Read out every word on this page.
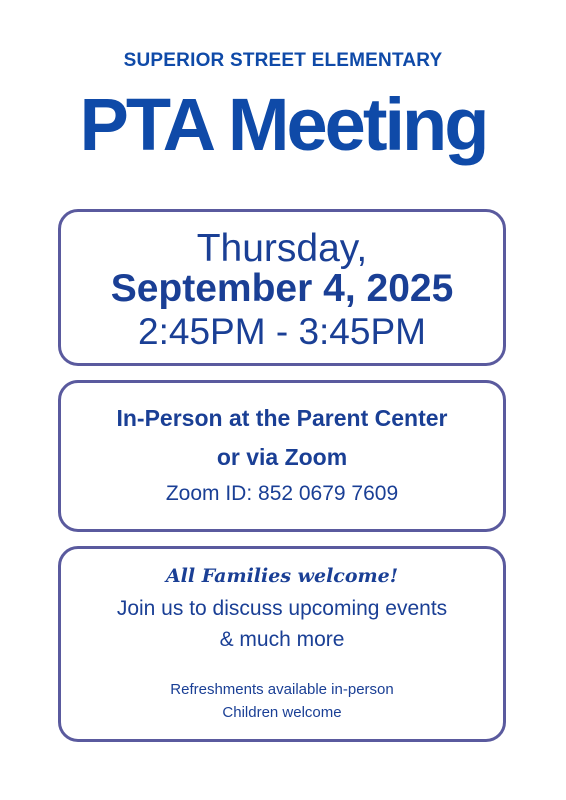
SUPERIOR STREET ELEMENTARY
PTA Meeting
Thursday,
September 4, 2025
2:45PM - 3:45PM
In-Person at the Parent Center
or via Zoom
Zoom ID: 852 0679 7609
All Families welcome!
Join us to discuss upcoming events
& much more
Refreshments available in-person
Children welcome
